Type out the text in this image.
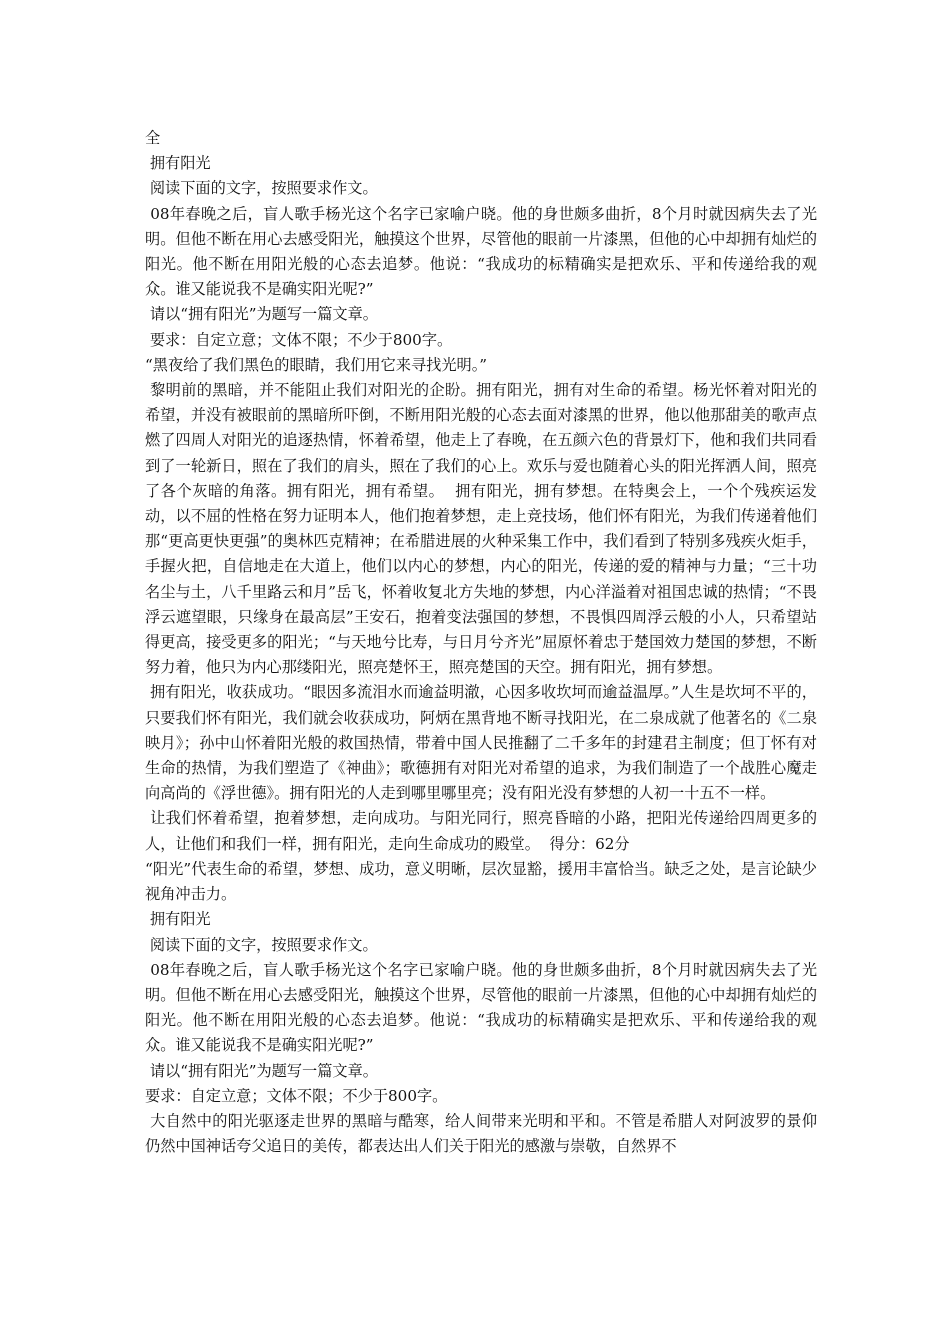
全

拥有阳光

阅读下面的文字，按照要求作文。

08年春晚之后，盲人歌手杨光这个名字已家喻户晓。他的身世颇多曲折，8个月时就因病失去了光明。但他不断在用心去感受阳光，触摸这个世界，尽管他的眼前一片漆黑，但他的心中却拥有灿烂的阳光。他不断在用阳光般的心态去追梦。他说：“我成功的标精确实是把欢乐、平和传递给我的观众。谁又能说我不是确实阳光呢?”

请以“拥有阳光”为题写一篇文章。

要求：自定立意；文体不限；不少于800字。

“黑夜给了我们黑色的眼睛，我们用它来寻找光明。”

黎明前的黑暗，并不能阻止我们对阳光的企盼。拥有阳光，拥有对生命的希望。杨光怀着对阳光的希望，并没有被眼前的黑暗所吓倒，不断用阳光般的心态去面对漆黑的世界，他以他那甜美的歌声点燃了四周人对阳光的追逐热情，怀着希望，他走上了春晚，在五颜六色的背景灯下，他和我们共同看到了一轮新日，照在了我们的肩头，照在了我们的心上。欢乐与爱也随着心头的阳光挥洒人间，照亮了各个灰暗的角落。拥有阳光，拥有希望。  拥有阳光，拥有梦想。在特奥会上，一个个残疾运发动，以不屈的性格在努力证明本人，他们抱着梦想，走上竞技场，他们怀有阳光，为我们传递着他们那“更高更快更强”的奥林匹克精神；在希腊进展的火种采集工作中，我们看到了特别多残疾火炬手，手握火把，自信地走在大道上，他们以内心的梦想，内心的阳光，传递的爱的精神与力量；“三十功名尘与土，八千里路云和月”岳飞，怀着收复北方失地的梦想，内心洋溢着对祖国忠诚的热情；“不畏浮云遮望眼，只缘身在最高层”王安石，抱着变法强国的梦想，不畏惧四周浮云般的小人，只希望站得更高，接受更多的阳光；“与天地兮比寿，与日月兮齐光”屈原怀着忠于楚国效力楚国的梦想，不断努力着，他只为内心那缕阳光，照亮楚怀王，照亮楚国的天空。拥有阳光，拥有梦想。

拥有阳光，收获成功。“眼因多流泪水而逾益明澈，心因多收坎坷而逾益温厚。”人生是坎坷不平的，只要我们怀有阳光，我们就会收获成功，阿炳在黑背地不断寻找阳光，在二泉成就了他著名的《二泉映月》；孙中山怀着阳光般的救国热情，带着中国人民推翻了二千多年的封建君主制度；但丁怀有对生命的热情，为我们塑造了《神曲》；歌德拥有对阳光对希望的追求，为我们制造了一个战胜心魔走向高尚的《浮世德》。拥有阳光的人走到哪里哪里亮；没有阳光没有梦想的人初一十五不一样。

让我们怀着希望，抱着梦想，走向成功。与阳光同行，照亮昏暗的小路，把阳光传递给四周更多的人，让他们和我们一样，拥有阳光，走向生命成功的殿堂。  得分：62分

“阳光”代表生命的希望，梦想、成功，意义明晰，层次显豁，援用丰富恰当。缺乏之处，是言论缺少视角冲击力。

拥有阳光

阅读下面的文字，按照要求作文。

08年春晚之后，盲人歌手杨光这个名字已家喻户晓。他的身世颇多曲折，8个月时就因病失去了光明。但他不断在用心去感受阳光，触摸这个世界，尽管他的眼前一片漆黑，但他的心中却拥有灿烂的阳光。他不断在用阳光般的心态去追梦。他说：“我成功的标精确实是把欢乐、平和传递给我的观众。谁又能说我不是确实阳光呢?”

请以“拥有阳光”为题写一篇文章。

要求：自定立意；文体不限；不少于800字。

大自然中的阳光驱逐走世界的黑暗与酷寒，给人间带来光明和平和。不管是希腊人对阿波罗的景仰仍然中国神话夸父追日的美传，都表达出人们关于阳光的感激与崇敬，自然界不
